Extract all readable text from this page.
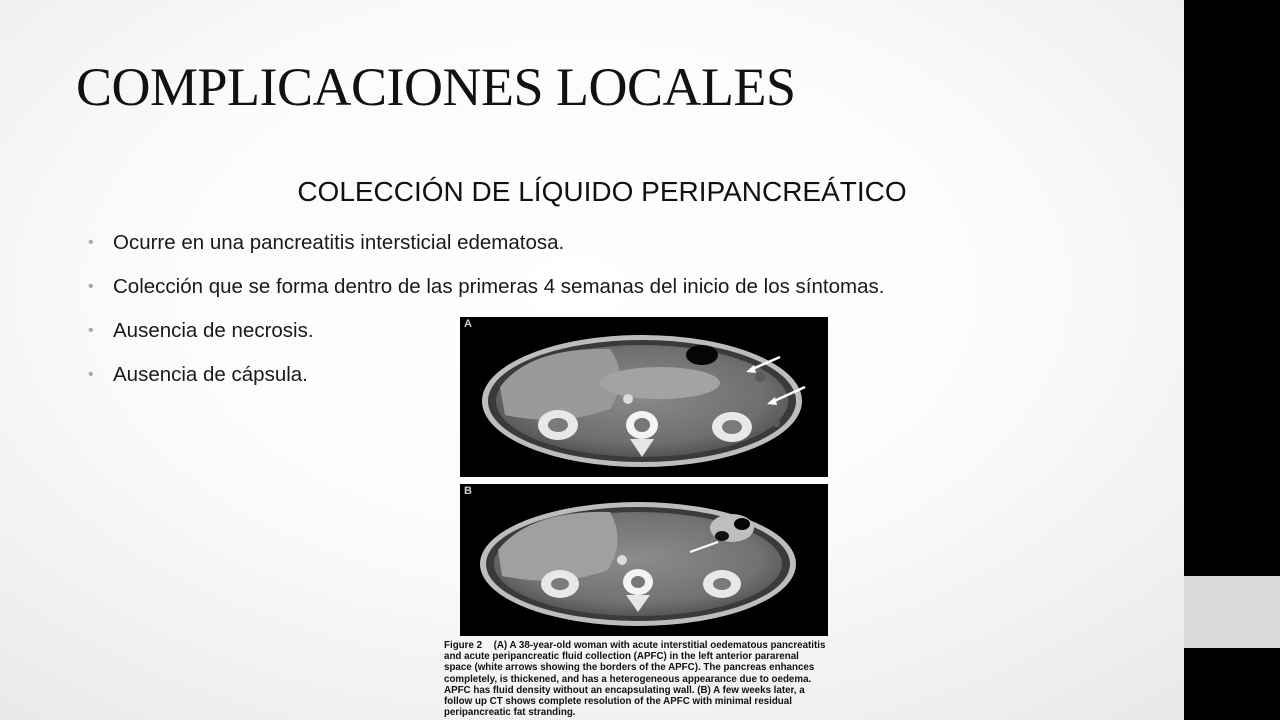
COMPLICACIONES LOCALES
COLECCIÓN DE LÍQUIDO PERIPANCREÁTICO
• Ocurre en una pancreatitis intersticial edematosa.
• Colección que se forma dentro de las primeras 4 semanas del inicio de los síntomas.
• Ausencia de necrosis.
• Ausencia de cápsula.
A
B
Figure 2 (A) A 38-year-old woman with acute interstitial oedematous pancreatitis and acute peripancreatic fluid collection (APFC) in the left anterior pararenal space (white arrows showing the borders of the APFC). The pancreas enhances completely, is thickened, and has a heterogeneous appearance due to oedema. APFC has fluid density without an encapsulating wall. (B) A few weeks later, a follow up CT shows complete resolution of the APFC with minimal residual peripancreatic fat stranding.
